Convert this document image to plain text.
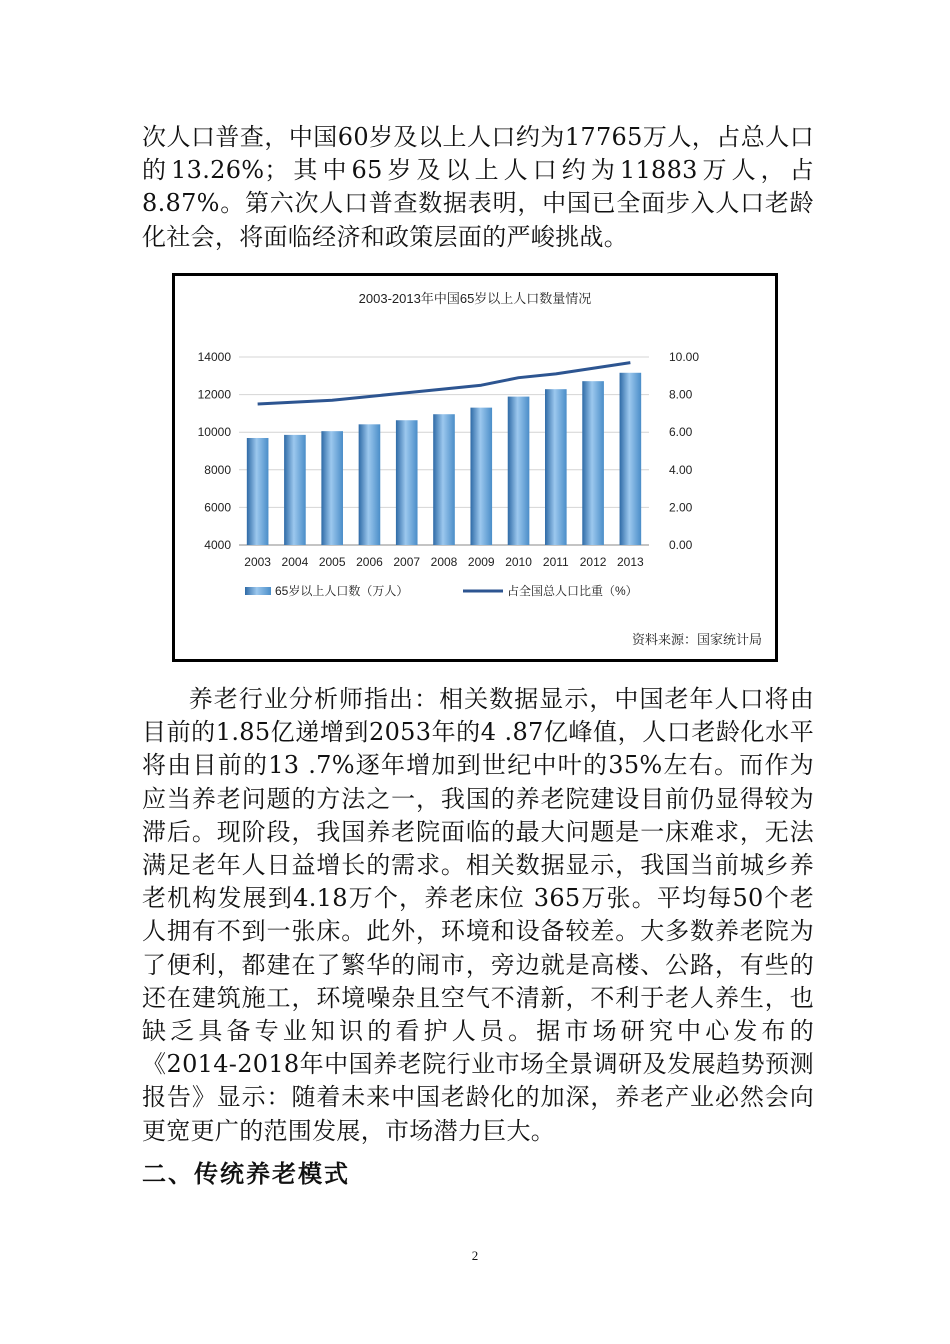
次人口普查，中国60岁及以上人口约为17765万人，占总人口的13.26%；其中65岁及以上人口约为11883万人，占8.87%。第六次人口普查数据表明，中国已全面步入人口老龄化社会，将面临经济和政策层面的严峻挑战。

2003-2013年中国65岁以上人口数量情况
14000
12000
10000
8000
6000
4000
10.00
8.00
6.00
4.00
2.00
0.00
2003 2004 2005 2006 2007 2008 2009 2010 2011 2012 2013
65岁以上人口数（万人）	占全国总人口比重（%）
资料来源：国家统计局

养老行业分析师指出：相关数据显示，中国老年人口将由目前的1.85亿递增到2053年的4 .87亿峰值，人口老龄化水平将由目前的13 .7%逐年增加到世纪中叶的35%左右。而作为应当养老问题的方法之一，我国的养老院建设目前仍显得较为滞后。现阶段，我国养老院面临的最大问题是一床难求，无法满足老年人日益增长的需求。相关数据显示，我国当前城乡养老机构发展到4.18万个，养老床位 365万张。平均每50个老人拥有不到一张床。此外，环境和设备较差。大多数养老院为了便利，都建在了繁华的闹市，旁边就是高楼、公路，有些的还在建筑施工，环境噪杂且空气不清新，不利于老人养生，也缺乏具备专业知识的看护人员。据市场研究中心发布的《2014-2018年中国养老院行业市场全景调研及发展趋势预测报告》显示：随着未来中国老龄化的加深，养老产业必然会向更宽更广的范围发展，市场潜力巨大。

二、传统养老模式
2
